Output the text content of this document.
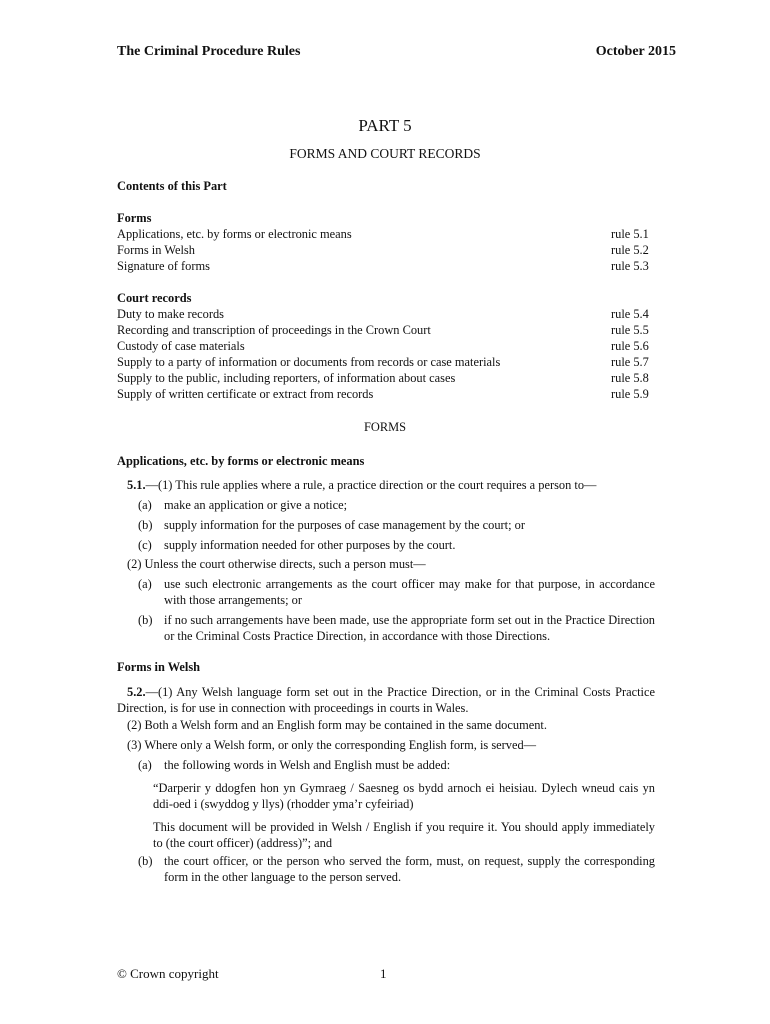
The Criminal Procedure Rules	October 2015
PART 5
FORMS AND COURT RECORDS
Contents of this Part
Forms
Applications, etc. by forms or electronic means	rule 5.1
Forms in Welsh	rule 5.2
Signature of forms	rule 5.3
Court records
Duty to make records	rule 5.4
Recording and transcription of proceedings in the Crown Court	rule 5.5
Custody of case materials	rule 5.6
Supply to a party of information or documents from records or case materials	rule 5.7
Supply to the public, including reporters, of information about cases	rule 5.8
Supply of written certificate or extract from records	rule 5.9
FORMS
Applications, etc. by forms or electronic means
5.1.—(1) This rule applies where a rule, a practice direction or the court requires a person to—
(a) make an application or give a notice;
(b) supply information for the purposes of case management by the court; or
(c) supply information needed for other purposes by the court.
(2) Unless the court otherwise directs, such a person must—
(a) use such electronic arrangements as the court officer may make for that purpose, in accordance with those arrangements; or
(b) if no such arrangements have been made, use the appropriate form set out in the Practice Direction or the Criminal Costs Practice Direction, in accordance with those Directions.
Forms in Welsh
5.2.—(1) Any Welsh language form set out in the Practice Direction, or in the Criminal Costs Practice Direction, is for use in connection with proceedings in courts in Wales.
(2) Both a Welsh form and an English form may be contained in the same document.
(3) Where only a Welsh form, or only the corresponding English form, is served—
(a) the following words in Welsh and English must be added:
“Darperir y ddogfen hon yn Gymraeg / Saesneg os bydd arnoch ei heisiau. Dylech wneud cais yn ddi-oed i (swyddog y llys) (rhodder yma’r cyfeiriad)
This document will be provided in Welsh / English if you require it. You should apply immediately to (the court officer) (address)”; and
(b) the court officer, or the person who served the form, must, on request, supply the corresponding form in the other language to the person served.
© Crown copyright	1
